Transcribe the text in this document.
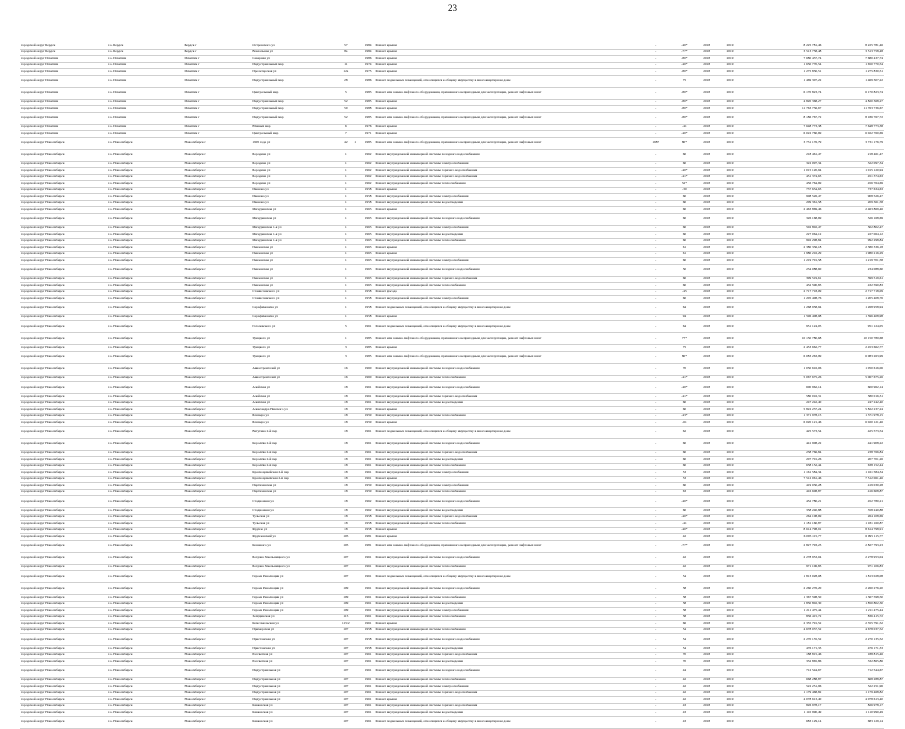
23
городской округ Бердск	г.о. Бердск	Бердск г	Островского ул	57		1984	Ремонт крыши	-	-40*	2018	2019		8 225 781,46	8 225 781,46
городской округ Бердск	г.о. Бердск	Бердск г	Вокзальная ул	8а		1984	Ремонт крыши	-	-77*	2018	2019		3 513 758,48	3 513 758,48
городской округ Искитим	г.о. Искитим	Искитим г	Северная ул			1986	Ремонт крыши	-	-80*	2018	2019		7 680 437,74	7 680 437,74
городской округ Искитим	г.о. Искитим	Искитим г	Индустриальный мкр	11		1974	Ремонт крыши	-	-40*	2018	2019		1 650 770,54	1 650 770,54
городской округ Искитим	г.о. Искитим	Искитим г	Пролетарская ул	12а		1975	Ремонт крыши	-	-80*	2018	2019		1 275 830,51	1 275 830,51
городской округ Искитим	г.о. Искитим	Искитим г	Индустриальный мкр	28		1986	Ремонт подвальных помещений, относящихся к общему имуществу в многоквартирном доме	-	75	2018	2019		1 469 307,22	1 469 307,22
городской округ Искитим	г.о. Искитим	Искитим г	Центральный мкр	5		1983	Ремонт или замена лифтового оборудования, признанного непригодным для эксплуатации, ремонт лифтовых шахт	-	-80*	2018	2019		6 170 823,74	6 170 823,74
городской округ Искитим	г.о. Искитим	Искитим г	Индустриальный мкр	52		1985	Ремонт крыши	-	-80*	2018	2019		4 820 368,27	4 820 368,27
городской округ Искитим	г.о. Искитим	Искитим г	Индустриальный мкр	50		1988	Ремонт крыши	-	-80*	2018	2019		11 763 736,67	11 763 736,67
городской округ Искитим	г.о. Искитим	Искитим г	Индустриальный мкр	52		1985	Ремонт или замена лифтового оборудования, признанного непригодным для эксплуатации, ремонт лифтовых шахт	-	-80*	2018	2019		8 186 767,72	8 186 767,72
городской округ Искитим	г.о. Искитим	Искитим г	Южный мкр	6		1976	Ремонт крыши	-	-41	2018	2019		7 648 773,38	7 648 773,38
городской округ Искитим	г.о. Искитим	Искитим г	Центральный мкр	7		1971	Ремонт крыши	-	-40*	2018	2019		6 022 760,69	6 022 760,69
городской округ Новосибирск	г.о. Новосибирск	Новосибирск г	1905 года ул	42	1	1985	Ремонт или замена лифтового оборудования, признанного непригодным для эксплуатации, ремонт лифтовых шахт	1987	80*	2018	2019		3 731 176,79	3 731 176,79
городской округ Новосибирск	г.о. Новосибирск	Новосибирск г	Бородина ул	1		1962	Ремонт внутридомовой инженерной системы холодного водоснабжения	-	60	2018	2019		218 461,47	218 461,47
городской округ Новосибирск	г.о. Новосибирск	Новосибирск г	Бородина ул	1		1962	Ремонт внутридомовой инженерной системы электроснабжения	-	60	2018	2019		322 097,34	322 097,34
городской округ Новосибирск	г.о. Новосибирск	Новосибирск г	Бородина ул	1		1962	Ремонт внутридомовой инженерной системы горячего водоснабжения	-	-40*	2018	2019		1 015 120,94	1 015 120,94
городской округ Новосибирск	г.о. Новосибирск	Новосибирск г	Бородина ул	1		1962	Ремонт внутридомовой инженерной системы горячего водоснабжения	-	-41*	2018	2019		451 374,63	451 374,63
городской округ Новосибирск	г.о. Новосибирск	Новосибирск г	Бородина ул	1		1962	Ремонт внутридомовой инженерной системы теплоснабжения	-	52*	2018	2019		456 764,69	456 764,69
городской округ Новосибирск	г.о. Новосибирск	Новосибирск г	Иванова ул	1		1958	Ремонт крыши	-	-30	2018	2019		737 634,63	737 634,63
городской округ Новосибирск	г.о. Новосибирск	Новосибирск г	Иванова ул	1		1958	Ремонт внутридомовой инженерной системы электроснабжения	-	60	2018	2019		908 526,47	908 526,47
городской округ Новосибирск	г.о. Новосибирск	Новосибирск г	Иванова ул	1		1958	Ремонт внутридомовой инженерной системы водоотведения	-	60	2018	2019		209 361,58	209 361,58
городской округ Новосибирск	г.о. Новосибирск	Новосибирск г	Мичуринская ул	1		1963	Ремонт крыши	-	60	2018	2019		2 463 869,46	2 463 869,46
городской округ Новосибирск	г.о. Новосибирск	Новосибирск г	Мичуринская ул	1		1963	Ремонт внутридомовой инженерной системы холодного водоснабжения	-	60	2018	2019		326 168,69	326 168,69
городской округ Новосибирск	г.о. Новосибирск	Новосибирск г	Мичуринская 1-я ул	1		1963	Ремонт внутридомовой инженерной системы электроснабжения	-	60	2018	2019		502 802,47	502 802,47
городской округ Новосибирск	г.о. Новосибирск	Новосибирск г	Мичуринская 1-я ул	1		1963	Ремонт внутридомовой инженерной системы водоотведения	-	60	2018	2019		227 064,12	227 064,12
городской округ Новосибирск	г.о. Новосибирск	Новосибирск г	Мичуринская 1-я ул	1		1963	Ремонт внутридомовой инженерной системы теплоснабжения	-	60	2018	2019		992 298,84	992 298,84
городской округ Новосибирск	г.о. Новосибирск	Новосибирск г	Пензенская ул	1		1963	Ремонт крыши	-	61	2018	2019		2 380 336,18	2 380 336,18
городской округ Новосибирск	г.о. Новосибирск	Новосибирск г	Пензенская ул	1		1963	Ремонт крыши	-	61	2018	2019		1 980 216,29	1 980 216,29
городской округ Новосибирск	г.о. Новосибирск	Новосибирск г	Пензенская ул	1		1963	Ремонт внутридомовой инженерной системы электроснабжения	-	60	2018	2019		1 219 701,58	1 219 701,58
городской округ Новосибирск	г.о. Новосибирск	Новосибирск г	Пензенская ул	1		1963	Ремонт внутридомовой инженерной системы холодного водоснабжения	-	50	2018	2019		234 088,60	234 088,60
городской округ Новосибирск	г.о. Новосибирск	Новосибирск г	Пензенская ул	1		1963	Ремонт внутридомовой инженерной системы горячего водоснабжения	-	60	2018	2019		399 519,61	399 519,61
городской округ Новосибирск	г.о. Новосибирск	Новосибирск г	Пензенская ул	1		1963	Ремонт внутридомовой инженерной системы теплоснабжения	-	60	2018	2019		432 590,83	432 590,83
городской округ Новосибирск	г.о. Новосибирск	Новосибирск г	Станиславского ул	1		1958	Ремонт фасада	-	-45	2018	2019		2 717 718,09	2 717 718,09
городской округ Новосибирск	г.о. Новосибирск	Новосибирск г	Станиславского ул	1		1958	Ремонт внутридомовой инженерной системы электроснабжения	-	60	2018	2019		1 205 408,76	1 205 408,76
городской округ Новосибирск	г.о. Новосибирск	Новосибирск г	Серафимовича ул	1		1958	Ремонт подвальных помещений, относящихся к общему имуществу в многоквартирном доме	-	64	2018	2019		1 268 958,94	1 268 958,94
городской округ Новосибирск	г.о. Новосибирск	Новосибирск г	Серафимовича ул	1		1958	Ремонт крыши	-	94	2018	2019		1 596 408,98	1 596 408,98
городской округ Новосибирск	г.о. Новосибирск	Новосибирск г	Гоголевского ул	5		1961	Ремонт подвальных помещений, относящихся к общему имуществу в многоквартирном доме	-	64	2018	2019		951 124,05	951 124,05
городской округ Новосибирск	г.о. Новосибирск	Новосибирск г	Урицкого ул	1		1985	Ремонт или замена лифтового оборудования, признанного непригодным для эксплуатации, ремонт лифтовых шахт	-	77*	2018	2019		10 150 780,68	10 150 780,68
городской округ Новосибирск	г.о. Новосибирск	Новосибирск г	Урицкого ул	3		1985	Ремонт крыши	-	75	2018	2019		2 453 662,77	2 453 662,77
городской округ Новосибирск	г.о. Новосибирск	Новосибирск г	Урицкого ул	3		1985	Ремонт или замена лифтового оборудования, признанного непригодным для эксплуатации, ремонт лифтовых шахт	-	80*	2018	2019		6 083 263,99	6 083 263,99
городской округ Новосибирск	г.о. Новосибирск	Новосибирск г	Авиастроителей ул	16		1960	Ремонт внутридомовой инженерной системы холодного водоснабжения	-	70	2018	2019		1 050 616,06	1 050 616,06
городской округ Новосибирск	г.о. Новосибирск	Новосибирск г	Авиастроителей ул	16		1960	Ремонт внутридомовой инженерной системы теплоснабжения	-	-41*	2018	2019		5 067 675,26	5 067 675,26
городской округ Новосибирск	г.о. Новосибирск	Новосибирск г	Алейская ул	18		1961	Ремонт внутридомовой инженерной системы холодного водоснабжения	-	-40*	2018	2019		600 962,14	600 962,14
городской округ Новосибирск	г.о. Новосибирск	Новосибирск г	Алейская ул	18		1961	Ремонт внутридомовой инженерной системы горячего водоснабжения	-	-41*	2018	2019		580 016,31	580 016,31
городской округ Новосибирск	г.о. Новосибирск	Новосибирск г	Алейская ул	18		1961	Ремонт внутридомовой инженерной системы водоотведения	-	60	2018	2019		247 242,40	247 242,40
городской округ Новосибирск	г.о. Новосибирск	Новосибирск г	Александра Невского ул	18		1959	Ремонт крыши	-	60	2018	2019		5 822 237,24	5 822 237,24
городской округ Новосибирск	г.о. Новосибирск	Новосибирск г	Блюхера ул	18		1959	Ремонт внутридомовой инженерной системы теплоснабжения	-	-43*	2018	2019		1 371 978,15	1 371 978,15
городской округ Новосибирск	г.о. Новосибирск	Новосибирск г	Блюхера ул	18		1959	Ремонт крыши	-	-61	2018	2019		6 020 121,46	6 020 121,46
городской округ Новосибирск	г.о. Новосибирск	Новосибирск г	Ватутина 2-й пер	18		1961	Ремонт подвальных помещений, относящихся к общему имуществу в многоквартирном доме	-	62	2018	2019		425 573,54	425 573,54
городской округ Новосибирск	г.о. Новосибирск	Новосибирск г	Королёва 2-й пер	18		1961	Ремонт внутридомовой инженерной системы холодного водоснабжения	-	60	2018	2019		441 908,22	441 908,22
городской округ Новосибирск	г.о. Новосибирск	Новосибирск г	Королёва 2-й пер	18		1961	Ремонт внутридомовой инженерной системы горячего водоснабжения	-	60	2018	2019		238 766,84	238 766,84
городской округ Новосибирск	г.о. Новосибирск	Новосибирск г	Королёва 2-й пер	18		1961	Ремонт внутридомовой инженерной системы водоотведения	-	60	2018	2019		207 701,26	207 701,26
городской округ Новосибирск	г.о. Новосибирск	Новосибирск г	Королёва 2-й пер	18		1961	Ремонт внутридомовой инженерной системы теплоснабжения	-	60	2018	2019		638 152,44	638 152,44
городской округ Новосибирск	г.о. Новосибирск	Новосибирск г	Красноармейская 2-й пер	18		1961	Ремонт внутридомовой инженерной системы электроснабжения	-	53	2018	2019		1 161 584,34	1 161 584,34
городской округ Новосибирск	г.о. Новосибирск	Новосибирск г	Красноармейская 2-й пер	18		1961	Ремонт крыши	-	53	2018	2019		7 512 061,46	7 512 061,46
городской округ Новосибирск	г.о. Новосибирск	Новосибирск г	Партизанская ул	18		1959	Ремонт внутридомовой инженерной системы электроснабжения	-	60	2018	2019		419 030,28	419 030,28
городской округ Новосибирск	г.о. Новосибирск	Новосибирск г	Партизанская ул	18		1959	Ремонт внутридомовой инженерной системы теплоснабжения	-	63	2018	2019		416 608,87	416 608,87
городской округ Новосибирск	г.о. Новосибирск	Новосибирск г	Стадионная ул	18		1962	Ремонт внутридомовой инженерной системы холодного водоснабжения	-	-40*	2018	2019		452 780,21	452 780,21
городской округ Новосибирск	г.о. Новосибирск	Новосибирск г	Стадионная ул	18		1962	Ремонт внутридомовой инженерной системы водоотведения	-	60	2018	2019		358 240,88	358 240,88
городской округ Новосибирск	г.о. Новосибирск	Новосибирск г	Тульская ул	18		1958	Ремонт внутридомовой инженерной системы горячего водоснабжения	-	-40*	2018	2019		264 108,69	264 108,69
городской округ Новосибирск	г.о. Новосибирск	Новосибирск г	Тульская ул	18		1958	Ремонт внутридомовой инженерной системы теплоснабжения	-	-41	2018	2019		1 181 160,87	1 181 160,87
городской округ Новосибирск	г.о. Новосибирск	Новосибирск г	Фрунзе ул	18		1958	Ремонт крыши	-	-40*	2018	2019		8 614 798,91	8 614 798,91
городской округ Новосибирск	г.о. Новосибирск	Новосибирск г	Фрунзенский ул	105		1981	Ремонт крыши	-	42	2018	2019		6 095 115,77	6 095 115,77
городской округ Новосибирск	г.о. Новосибирск	Новосибирск г	Кошевого ул	105		1981	Ремонт или замена лифтового оборудования, признанного непригодным для эксплуатации, ремонт лифтовых шахт	-	-77*	2018	2019		2 827 793,23	2 827 793,23
городской округ Новосибирск	г.о. Новосибирск	Новосибирск г	Богдана Хмельницкого ул	107		1961	Ремонт внутридомовой инженерной системы холодного водоснабжения	-	42	2018	2019		2 278 953,04	2 278 953,04
городской округ Новосибирск	г.о. Новосибирск	Новосибирск г	Богдана Хмельницкого ул	107		1961	Ремонт внутридомовой инженерной системы теплоснабжения	-	42	2018	2019		971 106,83	971 106,83
городской округ Новосибирск	г.о. Новосибирск	Новосибирск г	Героев Революции ул	107		1961	Ремонт подвальных помещений, относящихся к общему имуществу в многоквартирном доме	-	54	2018	2019		1 813 028,08	1 813 028,08
городской округ Новосибирск	г.о. Новосибирск	Новосибирск г	Героев Революции ул	109		1961	Ремонт внутридомовой инженерной системы холодного водоснабжения	-	58	2018	2019		2 260 276,20	2 260 276,20
городской округ Новосибирск	г.о. Новосибирск	Новосибирск г	Героев Революции ул	109		1961	Ремонт внутридомовой инженерной системы теплоснабжения	-	58	2018	2019		1 367 598,50	1 367 598,50
городской округ Новосибирск	г.о. Новосибирск	Новосибирск г	Героев Революции ул	109		1961	Ремонт внутридомовой инженерной системы водоотведения	-	58	2018	2019		1 850 802,30	1 850 802,30
городской округ Новосибирск	г.о. Новосибирск	Новосибирск г	Героев Революции ул	109		1961	Ремонт внутридомовой инженерной системы электроснабжения	-	58	2018	2019		1 211 475,44	1 211 475,44
городской округ Новосибирск	г.о. Новосибирск	Новосибирск г	Зелёдинская ул	115		1961	Ремонт внутридомовой инженерной системы теплоснабжения	-	58	2018	2019		836 415,72	836 415,72
городской округ Новосибирск	г.о. Новосибирск	Новосибирск г	Комсомольская ул	115/2		1961	Ремонт крыши	-	66	2018	2019		2 355 791,52	2 355 791,52
городской округ Новосибирск	г.о. Новосибирск	Новосибирск г	Приморская ул	107		1958	Ремонт внутридомовой инженерной системы теплоснабжения	-	54	2018	2019		4 678 037,52	4 678 037,52
городской округ Новосибирск	г.о. Новосибирск	Новосибирск г	Пристанская ул	107		1958	Ремонт внутридомовой инженерной системы холодного водоснабжения	-	54	2018	2019		2 270 135,52	2 270 135,52
городской округ Новосибирск	г.о. Новосибирск	Новосибирск г	Пристанская ул	107		1958	Ремонт внутридомовой инженерной системы водоотведения	-	54	2018	2019		476 171,33	476 171,33
городской округ Новосибирск	г.о. Новосибирск	Новосибирск г	Рассветная ул	107		1961	Ремонт внутридомовой инженерной системы горячего водоснабжения	-	70	2018	2019		188 815,46	188 815,46
городской округ Новосибирск	г.о. Новосибирск	Новосибирск г	Рассветная ул	107		1961	Ремонт внутридомовой инженерной системы водоотведения	-	70	2018	2019		332 865,86	332 865,86
городской округ Новосибирск	г.о. Новосибирск	Новосибирск г	Индустриальная ул	107		1961	Ремонт внутридомовой инженерной системы холодного водоснабжения	-	44	2018	2019		712 544,67	712 544,67
городской округ Новосибирск	г.о. Новосибирск	Новосибирск г	Индустриальная ул	107		1961	Ремонт внутридомовой инженерной системы теплоснабжения	-	42	2018	2019		668 288,87	668 288,87
городской округ Новосибирск	г.о. Новосибирск	Новосибирск г	Индустриальная ул	107		1961	Ремонт внутридомовой инженерной системы электроснабжения	-	42	2018	2019		522 251,96	522 251,96
городской округ Новосибирск	г.о. Новосибирск	Новосибирск г	Индустриальная ул	107		1961	Ремонт внутридомовой инженерной системы горячего водоснабжения	-	42	2018	2019		1 179 468,82	1 179 468,82
городской округ Новосибирск	г.о. Новосибирск	Новосибирск г	Индустриальная ул	107		1961	Ремонт крыши	-	42	2018	2019		4 078 613,40	4 078 613,40
городской округ Новосибирск	г.о. Новосибирск	Новосибирск г	Кавказская ул	107		1961	Ремонт внутридомовой инженерной системы горячего водоснабжения	-	43	2018	2019		826 978,17	826 978,17
городской округ Новосибирск	г.о. Новосибирск	Новосибирск г	Кавказская ул	107		1961	Ремонт внутридомовой инженерной системы водоотведения	-	43	2018	2019		1 110 990,49	1 110 990,49
городской округ Новосибирск	г.о. Новосибирск	Новосибирск г	Кавказская ул	107		1961	Ремонт подвальных помещений, относящихся к общему имуществу в многоквартирном доме	-	43	2018	2019		683 129,14	683 129,14
